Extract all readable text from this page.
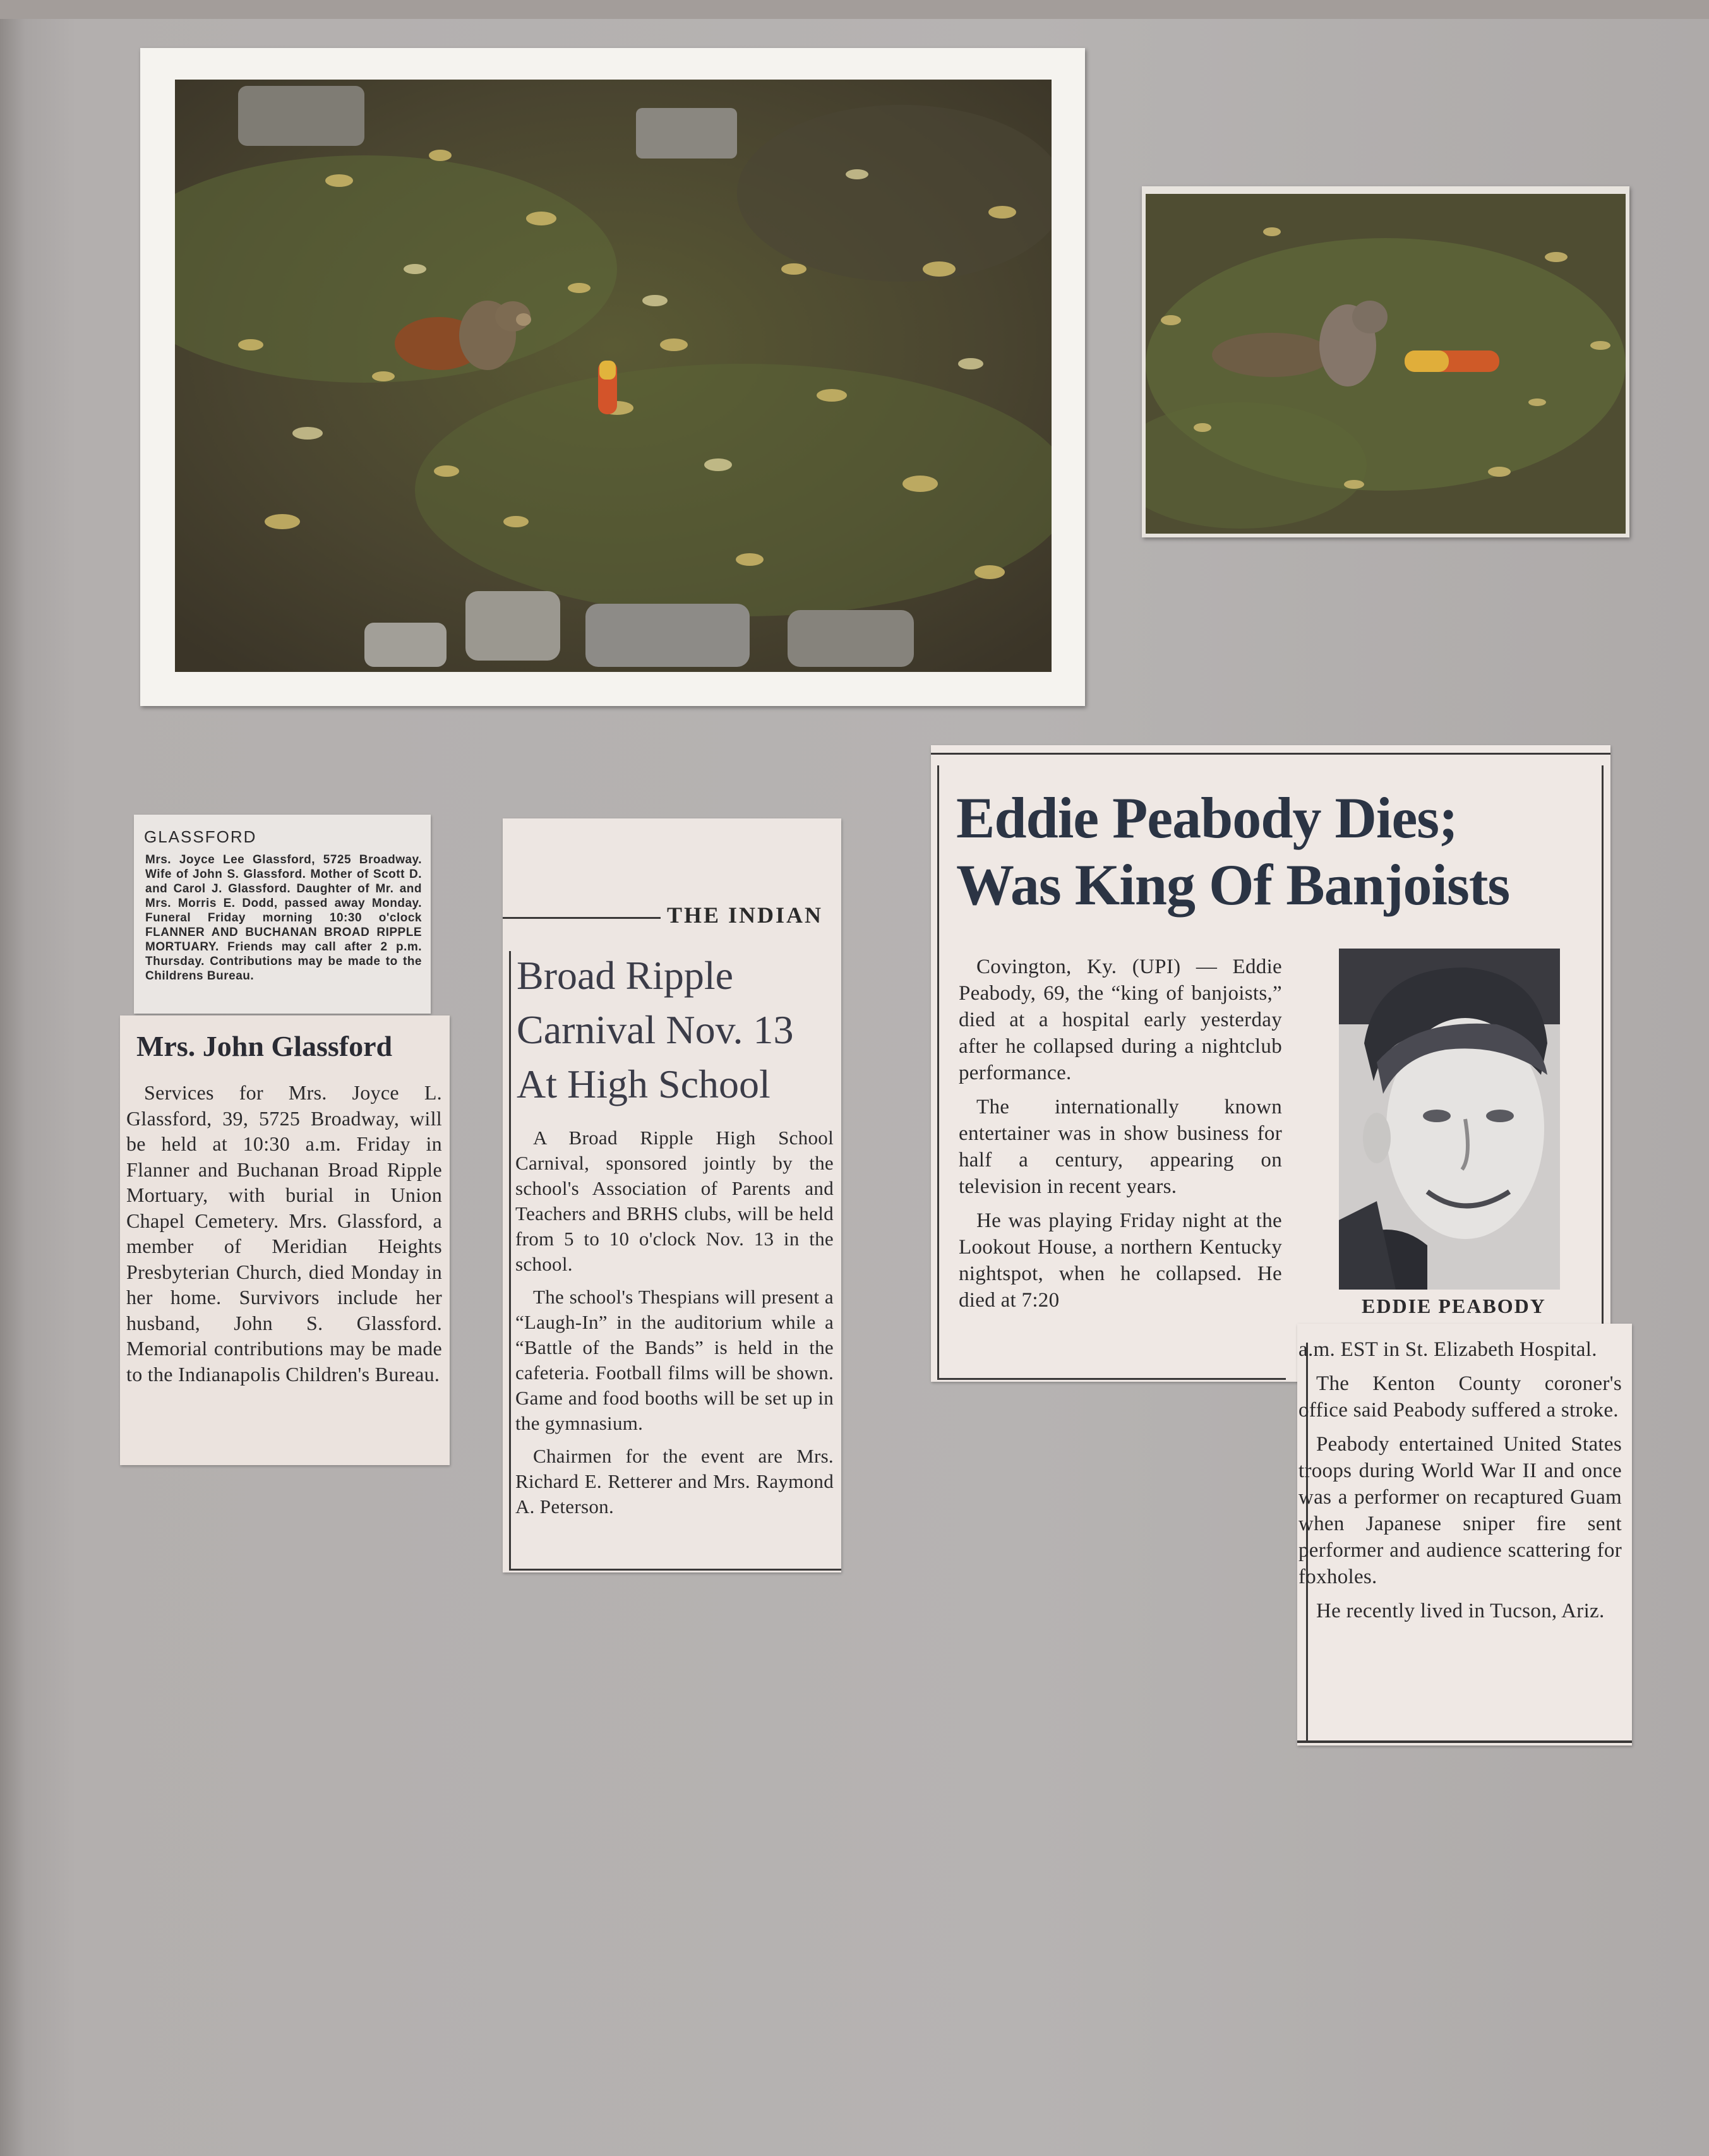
GLASSFORD

Mrs. Joyce Lee Glassford, 5725 Broadway. Wife of John S. Glassford. Mother of Scott D. and Carol J. Glassford. Daughter of Mr. and Mrs. Morris E. Dodd, passed away Monday. Funeral Friday morning 10:30 o'clock FLANNER AND BUCHANAN BROAD RIPPLE MORTUARY. Friends may call after 2 p.m. Thursday. Contributions may be made to the Childrens Bureau.

Mrs. John Glassford

Services for Mrs. Joyce L. Glassford, 39, 5725 Broadway, will be held at 10:30 a.m. Friday in Flanner and Buchanan Broad Ripple Mortuary, with burial in Union Chapel Cemetery. Mrs. Glassford, a member of Meridian Heights Presbyterian Church, died Monday in her home. Survivors include her husband, John S. Glassford. Memorial contributions may be made to the Indianapolis Children's Bureau.

THE INDIAN

Broad Ripple

Carnival Nov. 13

At High School

A Broad Ripple High School Carnival, sponsored jointly by the school's Association of Parents and Teachers and BRHS clubs, will be held from 5 to 10 o'clock Nov. 13 in the school.

The school's Thespians will present a “Laugh-In” in the auditorium while a “Battle of the Bands” is held in the cafeteria. Football films will be shown. Game and food booths will be set up in the gymnasium.

Chairmen for the event are Mrs. Richard E. Retterer and Mrs. Raymond A. Peterson.

Eddie Peabody Dies;

Was King Of Banjoists

Covington, Ky. (UPI) — Eddie Peabody, 69, the “king of banjoists,” died at a hospital early yesterday after he collapsed during a nightclub performance.

The internationally known entertainer was in show business for half a century, appearing on television in recent years.

He was playing Friday night at the Lookout House, a northern Kentucky nightspot, when he collapsed. He died at 7:20	EDDIE PEABODY

a.m. EST in St. Elizabeth Hospital.

The Kenton County coroner's office said Peabody suffered a stroke.

Peabody entertained United States troops during World War II and once was a performer on recaptured Guam when Japanese sniper fire sent performer and audience scattering for foxholes.

He recently lived in Tucson, Ariz.
